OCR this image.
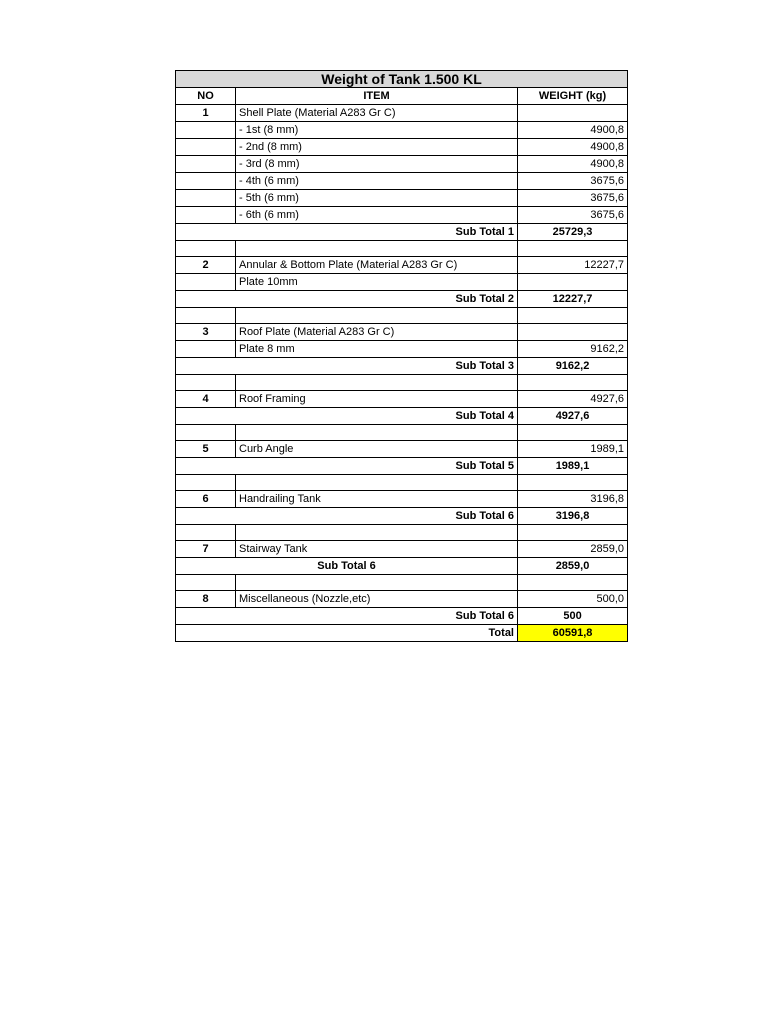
Weight of Tank 1.500 KL		
NO	ITEM	WEIGHT (kg)
1	Shell Plate (Material A283 Gr C)	
	- 1st (8 mm)	4900,8
	- 2nd (8 mm)	4900,8
	- 3rd (8 mm)	4900,8
	- 4th (6 mm)	3675,6
	- 5th (6 mm)	3675,6
	- 6th (6 mm)	3675,6
Sub Total 1		25729,3

2	Annular & Bottom Plate (Material A283 Gr C)	12227,7
	Plate 10mm	
Sub Total 2		12227,7

3	Roof Plate (Material A283 Gr C)	
	Plate 8 mm	9162,2
Sub Total 3		9162,2

4	Roof Framing	4927,6
Sub Total 4		4927,6

5	Curb Angle	1989,1
Sub Total 5		1989,1

6	Handrailing Tank	3196,8
Sub Total 6		3196,8

7	Stairway Tank	2859,0
Sub Total 6		2859,0

8	Miscellaneous (Nozzle,etc)	500,0
Sub Total 6		500
Total		60591,8
